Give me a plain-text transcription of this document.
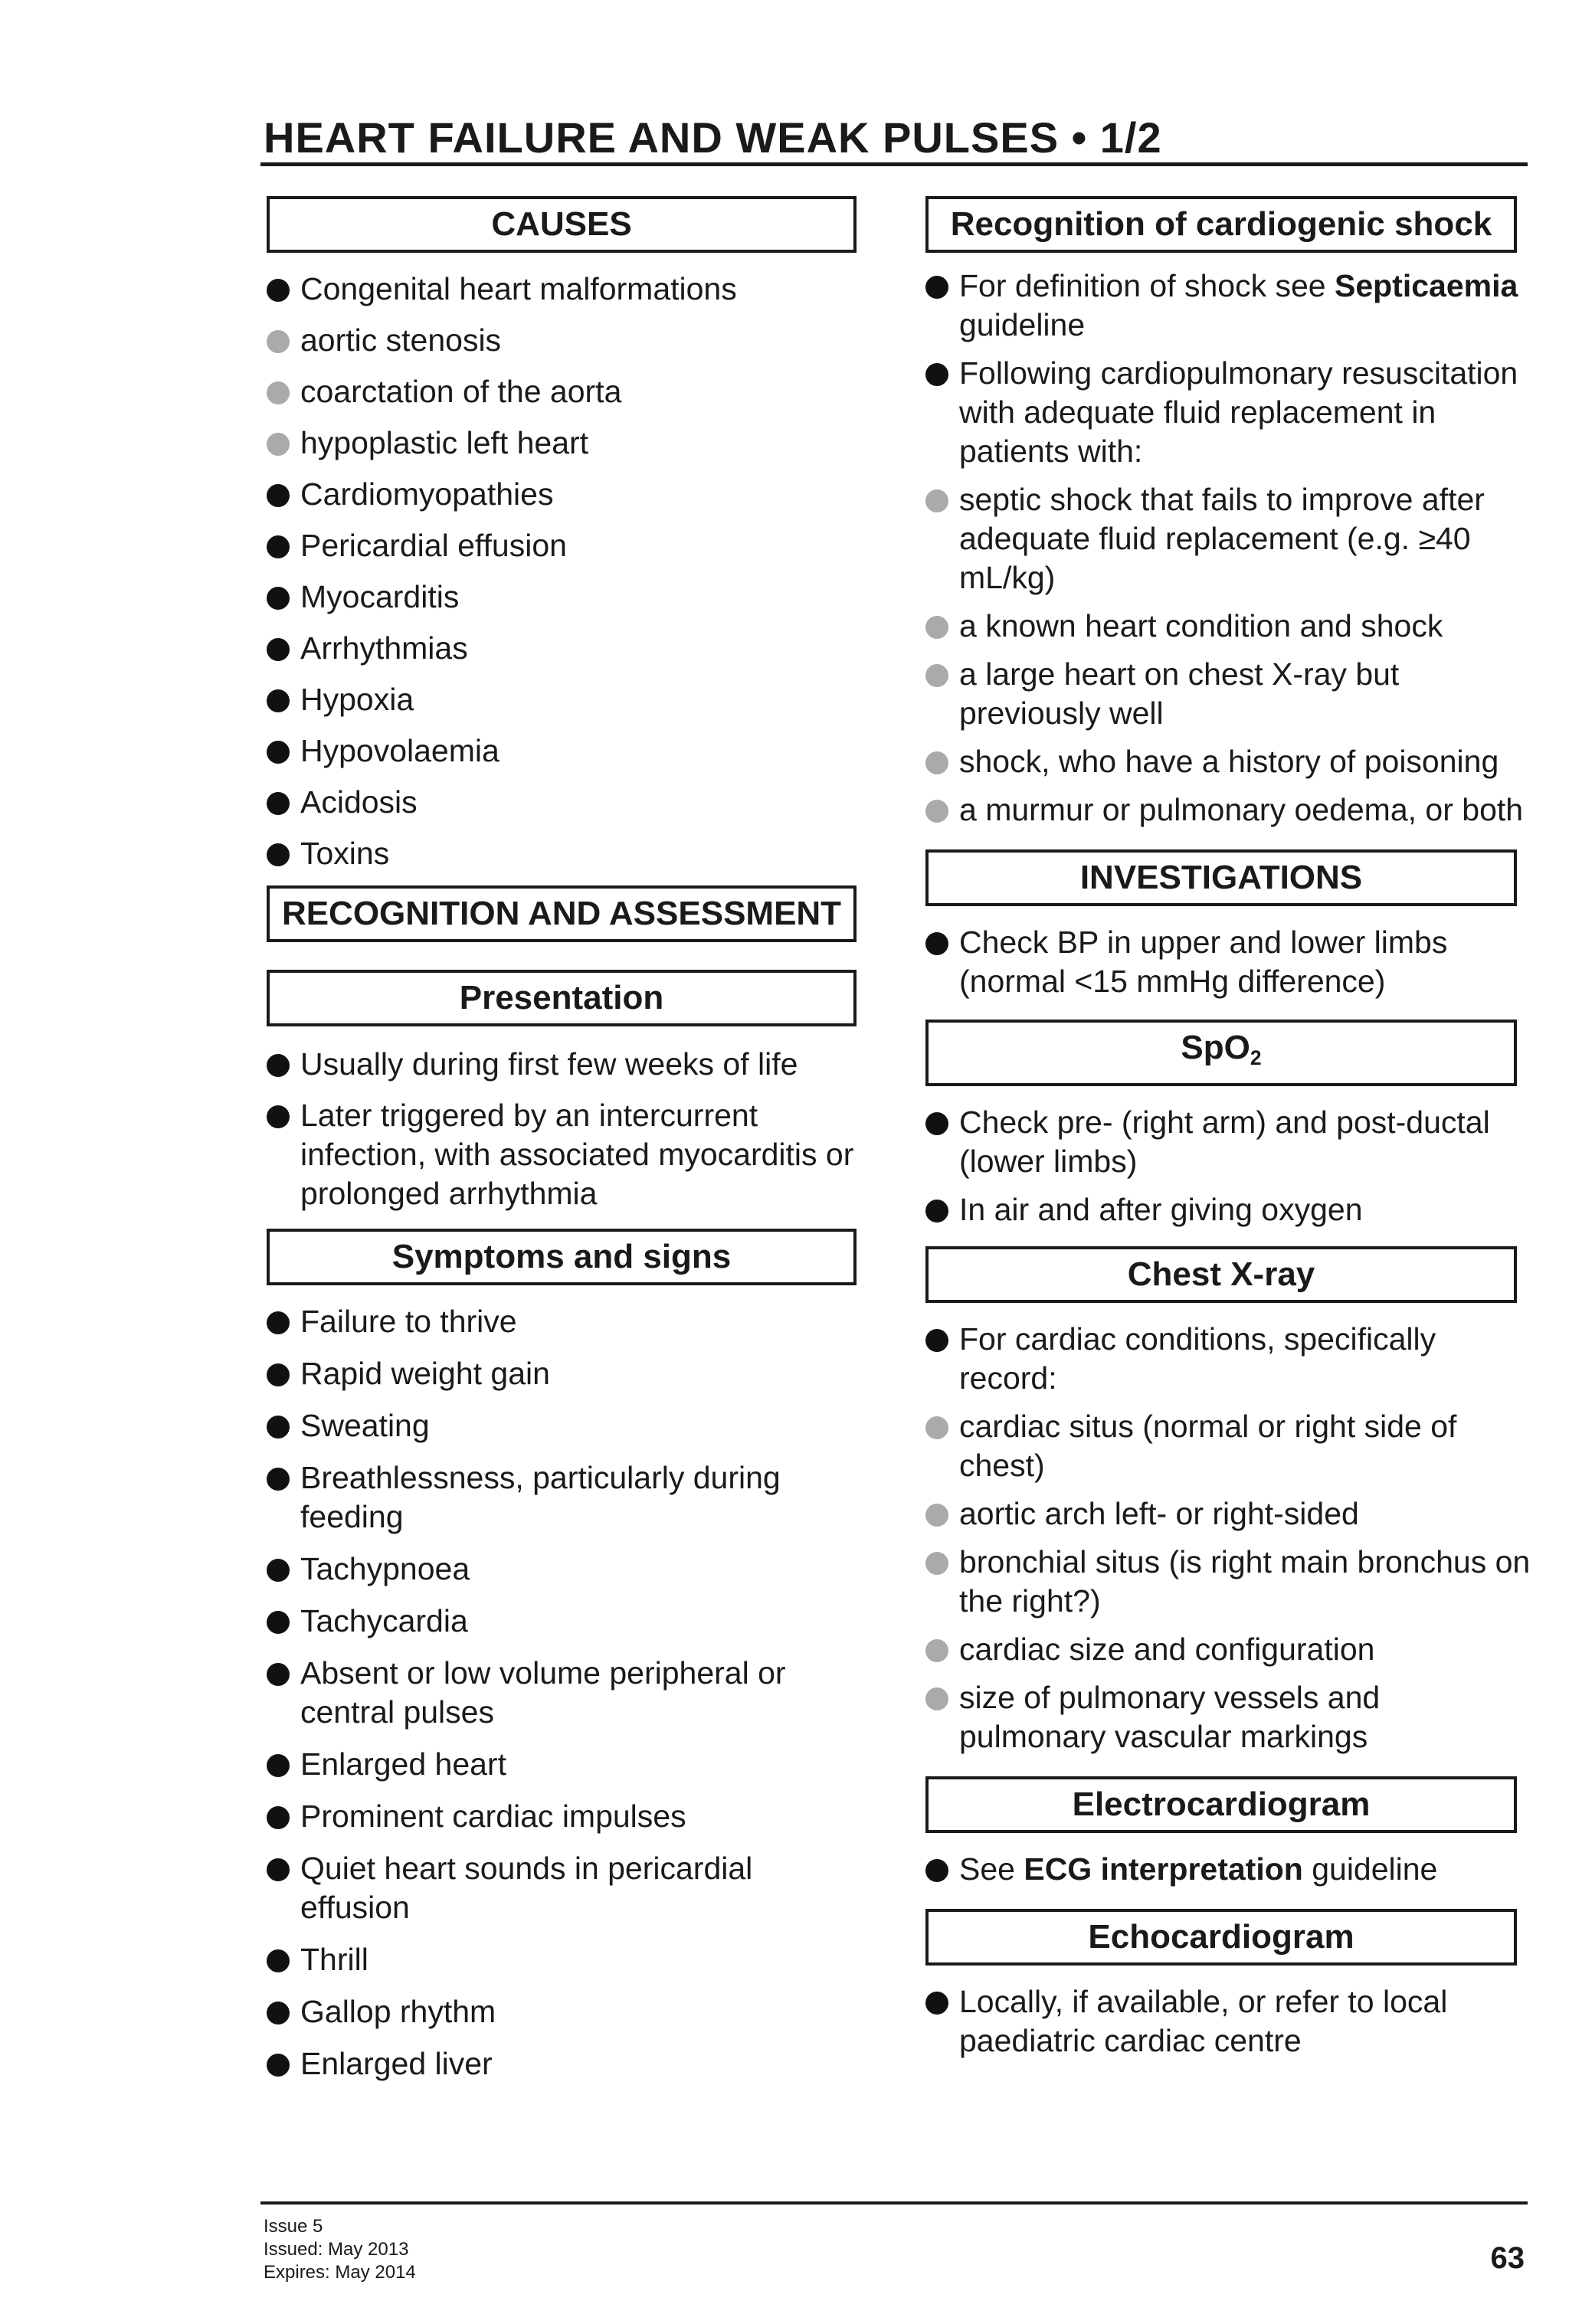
HEART FAILURE AND WEAK PULSES • 1/2
CAUSES
Congenital heart malformations
aortic stenosis
coarctation of the aorta
hypoplastic left heart
Cardiomyopathies
Pericardial effusion
Myocarditis
Arrhythmias
Hypoxia
Hypovolaemia
Acidosis
Toxins
RECOGNITION AND ASSESSMENT
Presentation
Usually during first few weeks of life
Later triggered by an intercurrent infection, with associated myocarditis or prolonged arrhythmia
Symptoms and signs
Failure to thrive
Rapid weight gain
Sweating
Breathlessness, particularly during feeding
Tachypnoea
Tachycardia
Absent or low volume peripheral or central pulses
Enlarged heart
Prominent cardiac impulses
Quiet heart sounds in pericardial effusion
Thrill
Gallop rhythm
Enlarged liver
Recognition of cardiogenic shock
For definition of shock see Septicaemia guideline
Following cardiopulmonary resuscitation with adequate fluid replacement in patients with:
septic shock that fails to improve after adequate fluid replacement (e.g. ≥40 mL/kg)
a known heart condition and shock
a large heart on chest X-ray but previously well
shock, who have a history of poisoning
a murmur or pulmonary oedema, or both
INVESTIGATIONS
Check BP in upper and lower limbs (normal <15 mmHg difference)
SpO$_2$
Check pre- (right arm) and post-ductal (lower limbs)
In air and after giving oxygen
Chest X-ray
For cardiac conditions, specifically record:
cardiac situs (normal or right side of chest)
aortic arch left- or right-sided
bronchial situs (is right main bronchus on the right?)
cardiac size and configuration
size of pulmonary vessels and pulmonary vascular markings
Electrocardiogram
See ECG interpretation guideline
Echocardiogram
Locally, if available, or refer to local paediatric cardiac centre
Issue 5
Issued: May 2013
Expires: May 2014	63
